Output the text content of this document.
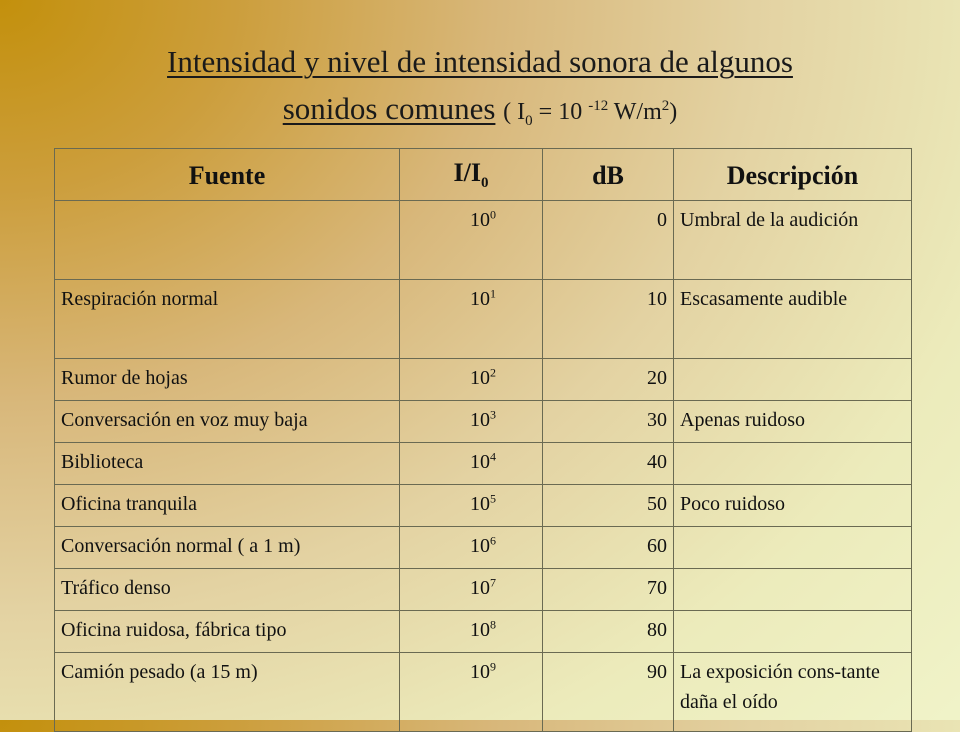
Intensidad y nivel de intensidad sonora de algunos
sonidos comunes ( $I_0 = 10$ $^{-12}$ $W/m^2$)
Fuente	$I/I_0$	dB	Descripción
	$10^0$	0	Umbral de la audición
Respiración normal	$10^1$	10	Escasamente audible
Rumor de hojas	$10^2$	20	
Conversación en voz muy baja	$10^3$	30	Apenas ruidoso
Biblioteca	$10^4$	40	
Oficina tranquila	$10^5$	50	Poco ruidoso
Conversación normal ( a 1 m)	$10^6$	60	
Tráfico denso	$10^7$	70	
Oficina ruidosa, fábrica tipo	$10^8$	80	
Camión pesado (a 15 m)	$10^9$	90	La exposición cons-tante daña el oído
